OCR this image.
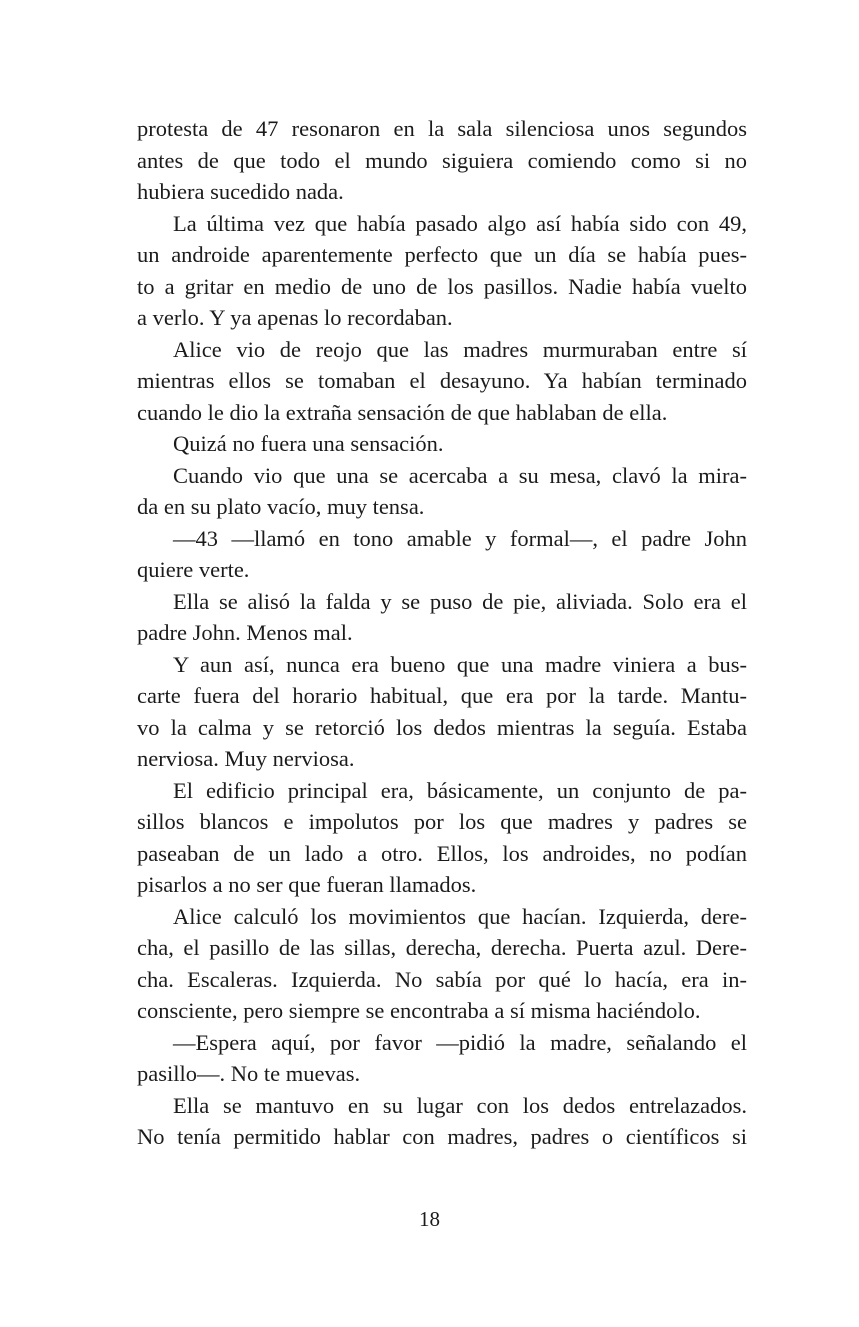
protesta de 47 resonaron en la sala silenciosa unos segundos
antes de que todo el mundo siguiera comiendo como si no
hubiera sucedido nada.
La última vez que había pasado algo así había sido con 49,
un androide aparentemente perfecto que un día se había pues-
to a gritar en medio de uno de los pasillos. Nadie había vuelto
a verlo. Y ya apenas lo recordaban.
Alice vio de reojo que las madres murmuraban entre sí
mientras ellos se tomaban el desayuno. Ya habían terminado
cuando le dio la extraña sensación de que hablaban de ella.
Quizá no fuera una sensación.
Cuando vio que una se acercaba a su mesa, clavó la mira-
da en su plato vacío, muy tensa.
—43 —llamó en tono amable y formal—, el padre John
quiere verte.
Ella se alisó la falda y se puso de pie, aliviada. Solo era el
padre John. Menos mal.
Y aun así, nunca era bueno que una madre viniera a bus-
carte fuera del horario habitual, que era por la tarde. Mantu-
vo la calma y se retorció los dedos mientras la seguía. Estaba
nerviosa. Muy nerviosa.
El edificio principal era, básicamente, un conjunto de pa-
sillos blancos e impolutos por los que madres y padres se
paseaban de un lado a otro. Ellos, los androides, no podían
pisarlos a no ser que fueran llamados.
Alice calculó los movimientos que hacían. Izquierda, dere-
cha, el pasillo de las sillas, derecha, derecha. Puerta azul. Dere-
cha. Escaleras. Izquierda. No sabía por qué lo hacía, era in-
consciente, pero siempre se encontraba a sí misma haciéndolo.
—Espera aquí, por favor —pidió la madre, señalando el
pasillo—. No te muevas.
Ella se mantuvo en su lugar con los dedos entrelazados.
No tenía permitido hablar con madres, padres o científicos si
18
